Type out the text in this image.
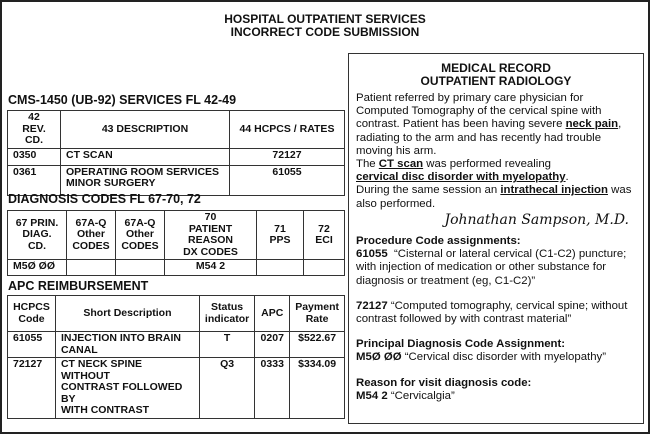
HOSPITAL OUTPATIENT SERVICES
INCORRECT CODE SUBMISSION
CMS-1450 (UB-92) SERVICES FL 42-49
42
REV. CD.	43 DESCRIPTION	44 HCPCS / RATES
0350	CT SCAN	72127
0361	OPERATING ROOM SERVICES
MINOR SURGERY	61055
DIAGNOSIS CODES FL 67-70, 72
67 PRIN.
DIAG. CD.	67A-Q
Other
CODES	67A-Q
Other
CODES	70
PATIENT REASON
DX CODES	71
PPS	72
ECI
M5Ø ØØ			M54 2		
APC REIMBURSEMENT
HCPCS
Code	Short Description	Status
indicator	APC	Payment
Rate
61055	INJECTION INTO BRAIN CANAL	T	0207	$522.67
72127	CT NECK SPINE WITHOUT
CONTRAST FOLLOWED BY
WITH CONTRAST	Q3	0333	$334.09
MEDICAL RECORD
OUTPATIENT RADIOLOGY
Patient referred by primary care physician for Computed Tomography of the cervical spine with contrast. Patient has been having severe neck pain, radiating to the arm and has recently had trouble moving his arm.
The CT scan was performed revealing
cervical disc disorder with myelopathy.
During the same session an intrathecal injection was also performed.
Johnathan Sampson, M.D.
Procedure Code assignments:
61055  “Cisternal or lateral cervical (C1-C2) puncture; with injection of medication or other substance for diagnosis or treatment (eg, C1-C2)”
72127 “Computed tomography, cervical spine; without contrast followed by with contrast material”
Principal Diagnosis Code Assignment:
M5Ø ØØ “Cervical disc disorder with myelopathy”
Reason for visit diagnosis code:
M54 2 “Cervicalgia”
